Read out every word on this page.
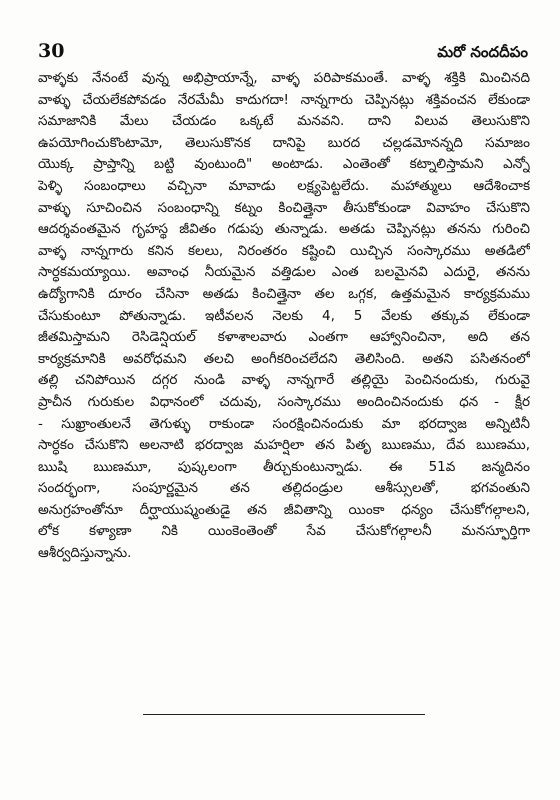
30	మరో నందదీపం
వాళ్ళకు నేనంటే వున్న అభిప్రాయాన్నే, వాళ్ళ పరిపాకమంతే. వాళ్ళ శక్తికి మించినది
వాళ్ళు చేయలేకపోవడం నేరమేమీ కాదుగదా! నాన్నగారు చెప్పినట్లు శక్తివంచన లేకుండా
సమాజానికి మేలు చేయడం ఒక్కటే మనవని. దాని విలువ తెలుసుకొని
ఉపయోగించుకొంటామో, తెలుసుకొనక దానిపై బురద చల్లడమోనన్నది సమాజం
యొక్క ప్రాప్తాన్ని బట్టి వుంటుంది" అంటాడు. ఎంతెంతో కట్నాలిస్తామని ఎన్నో
పెళ్ళి సంబంధాలు వచ్చినా మావాడు లక్ష్యపెట్టలేదు. మహాత్ములు ఆదేశించాక
వాళ్ళు సూచించిన సంబంధాన్ని కట్నం కించిత్తైనా తీసుకోకుండా వివాహం చేసుకొని
ఆదర్శవంతమైన గృహస్థ జీవితం గడుపు తున్నాడు. అతడు చెప్పినట్లు తనను గురించి
వాళ్ళ నాన్నగారు కనిన కలలు, నిరంతరం కష్టించి యిచ్చిన సంస్కారము అతడిలో
సార్ధకమయ్యాయి. అవాంఛ నీయమైన వత్తిడుల ఎంత బలమైనవి ఎదురైౖ, తనను
ఉద్యోగానికి దూరం చేసినా అతడు కించిత్తైనా తల ఒగ్గక, ఉత్తమమైన కార్యక్రమము
చేసుకుంటూ పోతున్నాడు. ఇటీవలన నెలకు 4, 5 వేలకు తక్కువ లేకుండా
జీతమిస్తామని రెసిడెన్షియల్ కళాశాలవారు ఎంతగా ఆహ్వానించినా, అది తన
కార్యక్రమానికి అవరోధమని తలచి అంగీకరించలేదని తెలిసింది. అతని పసితనంలో
తల్లి చనిపోయిన దగ్గర నుండి వాళ్ళ నాన్నగారే తల్లియై పెంచినందుకు, గురువై
ప్రాచీన గురుకుల విధానంలో చదువు, సంస్కారము అందించినందుకు ధన - క్షీర
- సుఖ్రాంతులనే తెగుళ్ళు రాకుండా సంరక్షించినందుకు మా భరద్వాజ అన్నిటినీ
సార్ధకం చేసుకొని అలనాటి భరద్వాజ మహర్షిలా తన పితృ ఋణము, దేవ ఋణము,
ఋషి ఋణమూ, పుష్కలంగా తీర్చుకుంటున్నాడు. ఈ 51వ జన్మదినం
సందర్భంగా, సంపూర్ణమైన తన తల్లిదండ్రుల ఆశీస్సులతో, భగవంతుని
అనుగ్రహంతోనూ దీర్ఘాయుష్మంతుడై తన జీవితాన్ని యింకా ధన్యం చేసుకోగల్గాలని,
లోక కళ్యాణా నికి యింకెంతెంతో సేవ చేసుకోగల్గాలనీ మనస్ఫూర్తిగా
ఆశీర్వదిస్తున్నాను.
